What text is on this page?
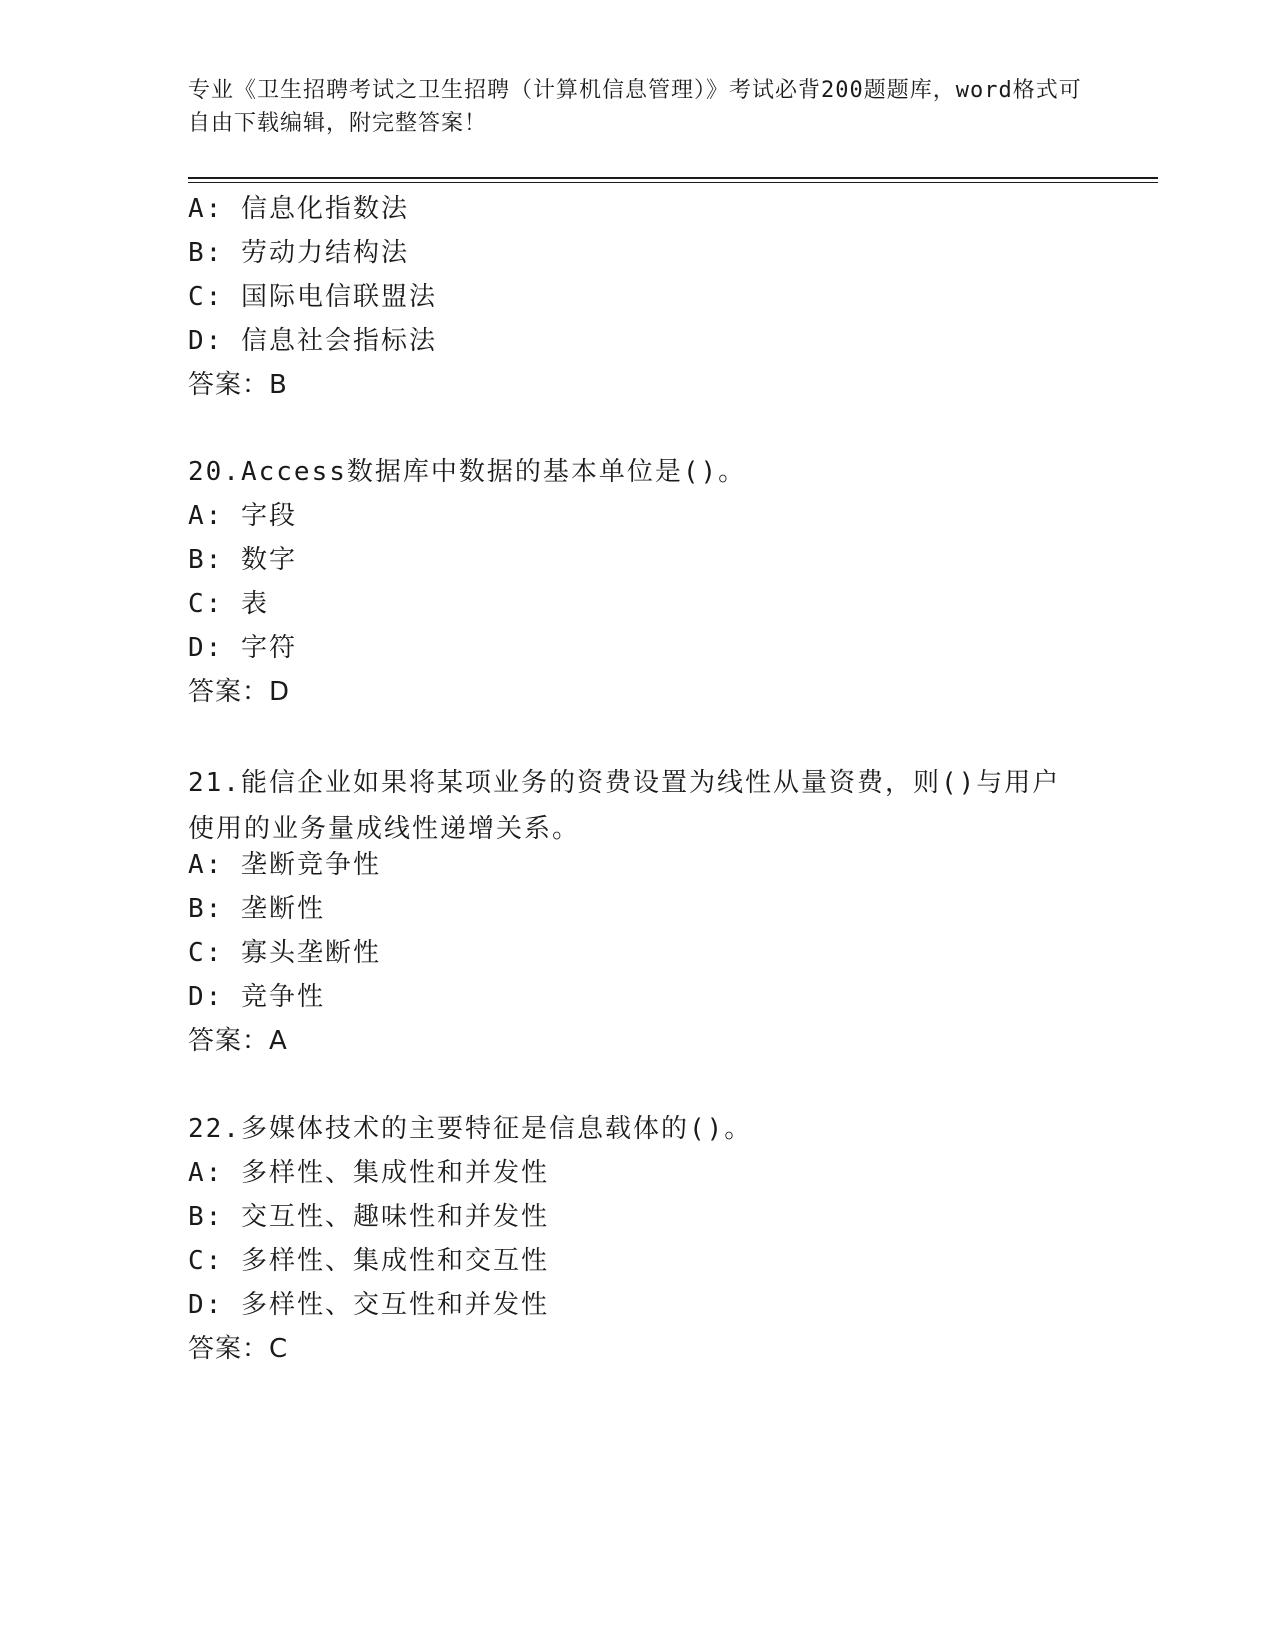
专业《卫生招聘考试之卫生招聘（计算机信息管理）》考试必背200题题库，word格式可自由下载编辑，附完整答案！
A: 信息化指数法
B: 劳动力结构法
C: 国际电信联盟法
D: 信息社会指标法
答案：B
20.Access数据库中数据的基本单位是()。
A: 字段
B: 数字
C: 表
D: 字符
答案：D
21.能信企业如果将某项业务的资费设置为线性从量资费，则()与用户使用的业务量成线性递增关系。
A: 垄断竞争性
B: 垄断性
C: 寡头垄断性
D: 竞争性
答案：A
22.多媒体技术的主要特征是信息载体的()。
A: 多样性、集成性和并发性
B: 交互性、趣味性和并发性
C: 多样性、集成性和交互性
D: 多样性、交互性和并发性
答案：C
